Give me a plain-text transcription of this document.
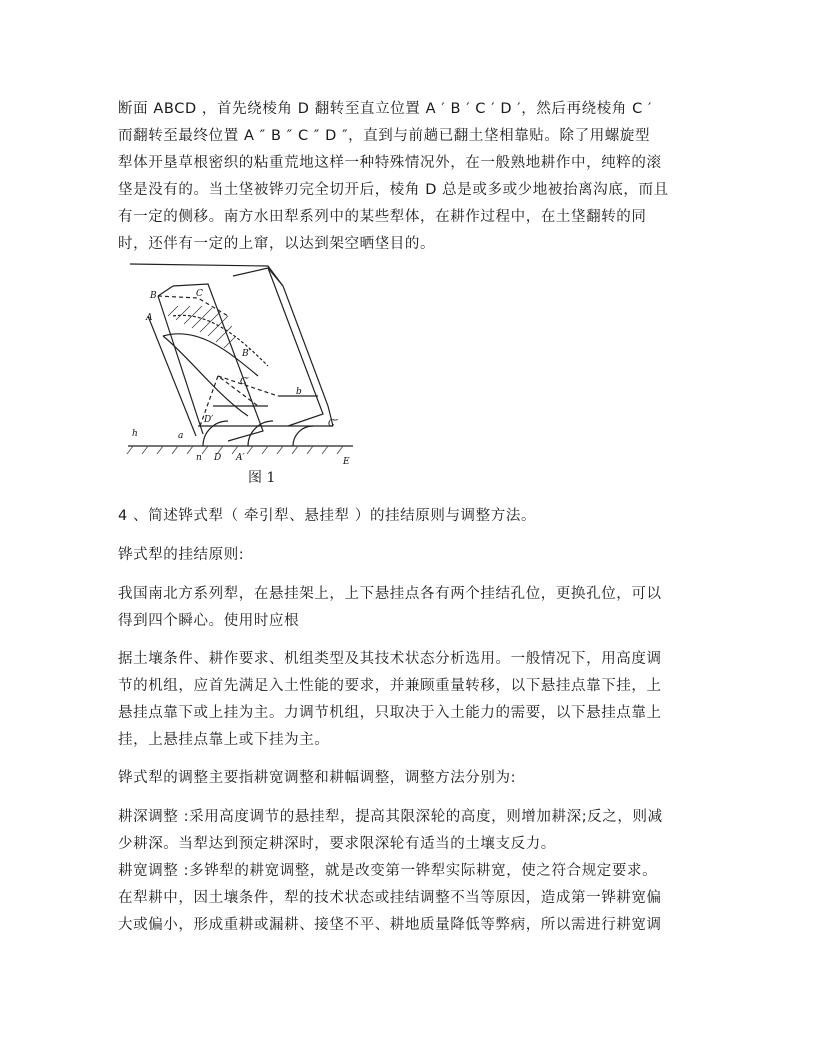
断面 ABCD ，首先绕棱角 D 翻转至直立位置 A ′ B ′ C ′ D ′，然后再绕棱角 C ′
而翻转至最终位置 A ″ B ″ C ″ D ″，直到与前趟已翻土垡相靠贴。除了用螺旋型
犁体开垦草根密织的粘重荒地这样一种特殊情况外，在一般熟地耕作中，纯粹的滚
垡是没有的。当土垡被铧刃完全切开后，棱角 D 总是或多或少地被抬离沟底，而且
有一定的侧移。南方水田犁系列中的某些犁体，在耕作过程中，在土垡翻转的同
时，还伴有一定的上窜，以达到架空晒垡目的。
B	C
A
B′
C′
C″
D′
D
a
b
n	E
A′
h
图 1
4 、简述铧式犁（ 牵引犁、悬挂犁 ）的挂结原则与调整方法。
铧式犁的挂结原则:
我国南北方系列犁，在悬挂架上，上下悬挂点各有两个挂结孔位，更换孔位，可以
得到四个瞬心。使用时应根
据土壤条件、耕作要求、机组类型及其技术状态分析选用。一般情况下，用高度调
节的机组，应首先满足入土性能的要求，并兼顾重量转移，以下悬挂点靠下挂，上
悬挂点靠下或上挂为主。力调节机组，只取决于入土能力的需要，以下悬挂点靠上
挂，上悬挂点靠上或下挂为主。
铧式犁的调整主要指耕宽调整和耕幅调整，调整方法分别为:
耕深调整 :采用高度调节的悬挂犁，提高其限深轮的高度，则增加耕深;反之，则减
少耕深。当犁达到预定耕深时，要求限深轮有适当的土壤支反力。
耕宽调整 :多铧犁的耕宽调整，就是改变第一铧犁实际耕宽，使之符合规定要求。
在犁耕中，因土壤条件，犁的技术状态或挂结调整不当等原因，造成第一铧耕宽偏
大或偏小，形成重耕或漏耕、接垡不平、耕地质量降低等弊病，所以需进行耕宽调
